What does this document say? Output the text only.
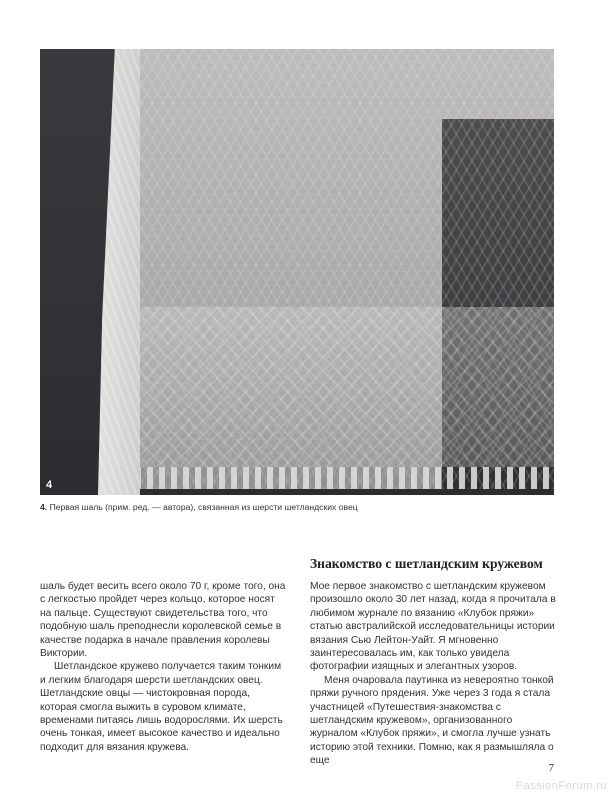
4
4. Первая шаль (прим. ред. — автора), связанная из шерсти шетландских овец
Знакомство с шетландским кружевом

шаль будет весить всего около 70 г, кроме того, она с легкостью пройдет через кольцо, которое носят на пальце. Существуют свидетельства того, что подобную шаль преподнесли королевской семье в качестве подарка в начале правления королевы Виктории.

Шетландское кружево получается таким тонким и легким благодаря шерсти шетландских овец. Шетландские овцы — чистокровная порода, которая смогла выжить в суровом климате, временами питаясь лишь водорослями. Их шерсть очень тонкая, имеет высокое качество и идеально подходит для вязания кружева.

Мое первое знакомство с шетландским кружевом произошло около 30 лет назад, когда я прочитала в любимом журнале по вязанию «Клубок пряжи» статью австралийской исследовательницы истории вязания Сью Лейтон-Уайт. Я мгновенно заинтересовалась им, как только увидела фотографии изящных и элегантных узоров.

Меня очаровала паутинка из невероятно тонкой пряжи ручного прядения. Уже через 3 года я стала участницей «Путешествия-знакомства с шетландским кружевом», организованного журналом «Клубок пряжи», и смогла лучше узнать историю этой техники. Помню, как я размышляла о еще

7
PassionForum.ru
